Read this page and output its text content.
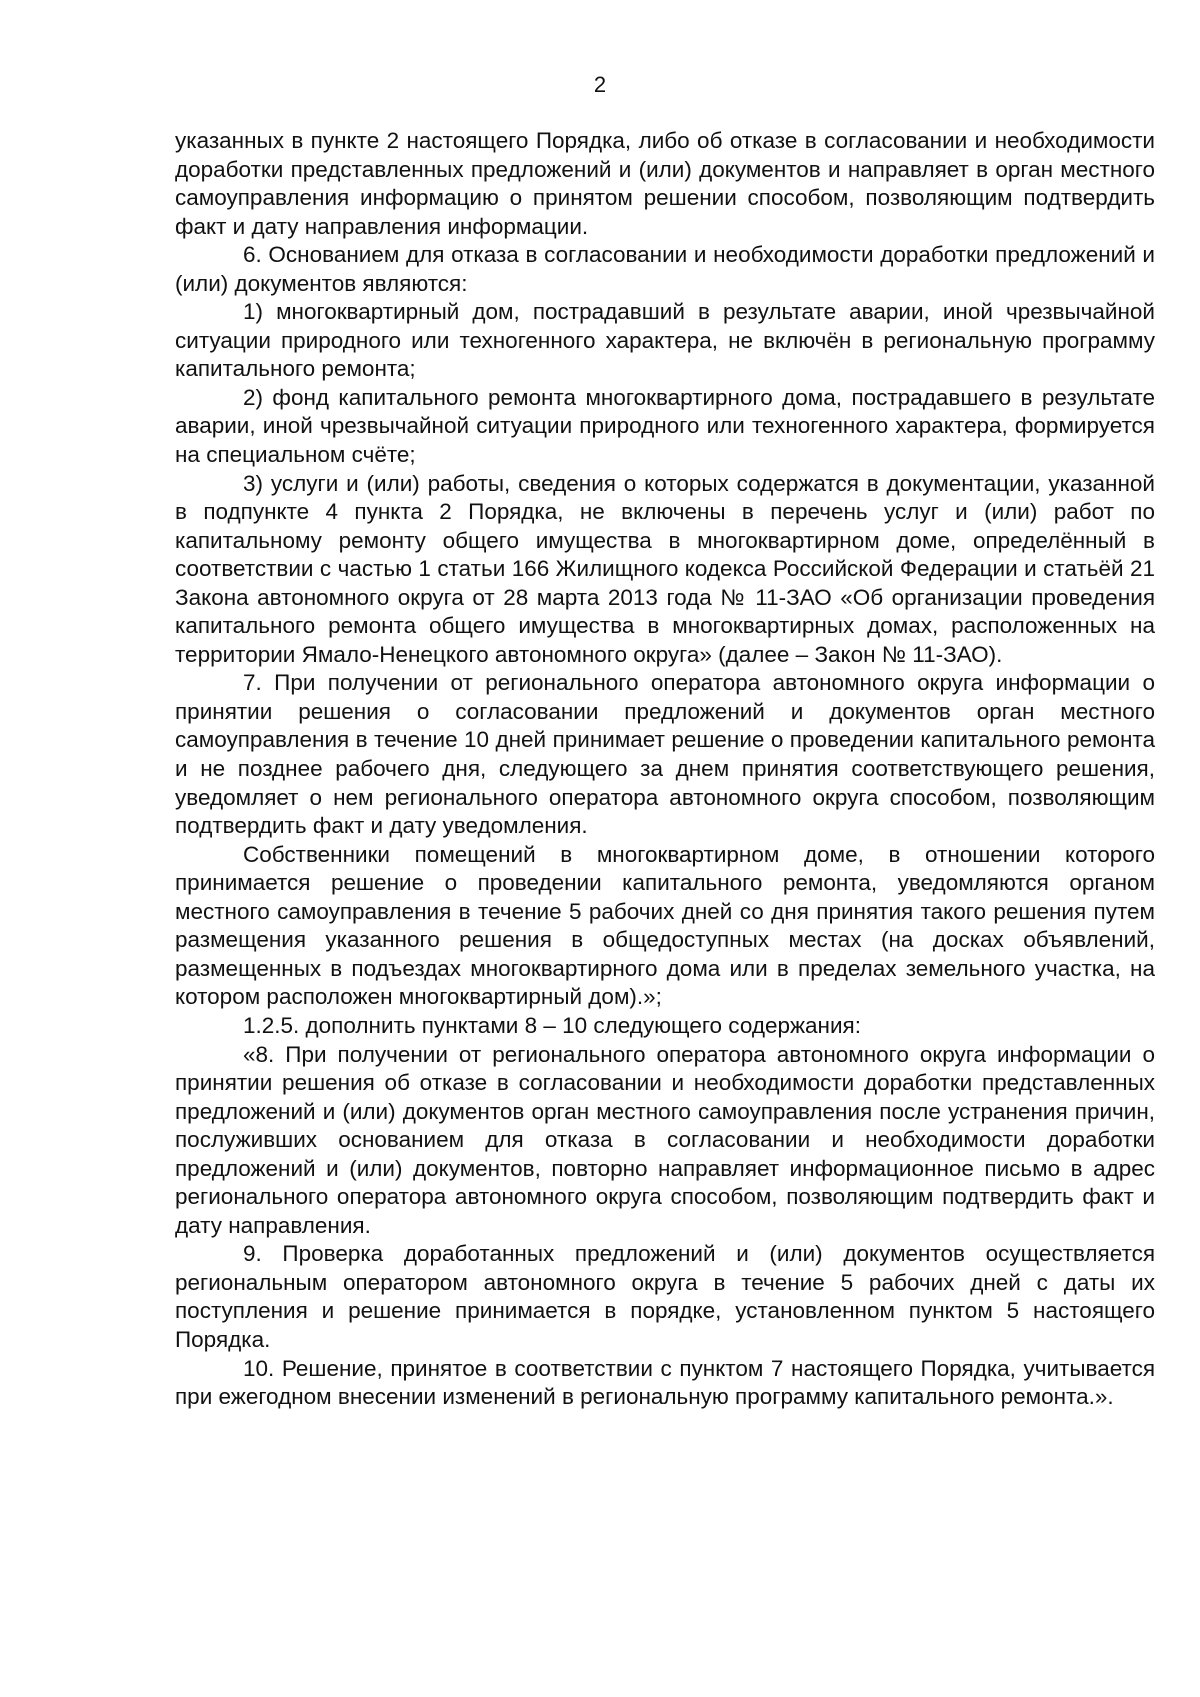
2

указанных в пункте 2 настоящего Порядка, либо об отказе в согласовании и необходимости доработки представленных предложений и (или) документов и направляет в орган местного самоуправления информацию о принятом решении способом, позволяющим подтвердить факт и дату направления информации.

6. Основанием для отказа в согласовании и необходимости доработки предложений и (или) документов являются:

1) многоквартирный дом, пострадавший в результате аварии, иной чрезвычайной ситуации природного или техногенного характера, не включён в региональную программу капитального ремонта;

2) фонд капитального ремонта многоквартирного дома, пострадавшего в результате аварии, иной чрезвычайной ситуации природного или техногенного характера, формируется на специальном счёте;

3) услуги и (или) работы, сведения о которых содержатся в документации, указанной в подпункте 4 пункта 2 Порядка, не включены в перечень услуг и (или) работ по капитальному ремонту общего имущества в многоквартирном доме, определённый в соответствии с частью 1 статьи 166 Жилищного кодекса Российской Федерации и статьёй 21 Закона автономного округа от 28 марта 2013 года № 11-ЗАО «Об организации проведения капитального ремонта общего имущества в многоквартирных домах, расположенных на территории Ямало-Ненецкого автономного округа» (далее – Закон № 11-ЗАО).

7. При получении от регионального оператора автономного округа информации о принятии решения о согласовании предложений и документов орган местного самоуправления в течение 10 дней принимает решение о проведении капитального ремонта и не позднее рабочего дня, следующего за днем принятия соответствующего решения, уведомляет о нем регионального оператора автономного округа способом, позволяющим подтвердить факт и дату уведомления.

Собственники помещений в многоквартирном доме, в отношении которого принимается решение о проведении капитального ремонта, уведомляются органом местного самоуправления в течение 5 рабочих дней со дня принятия такого решения путем размещения указанного решения в общедоступных местах (на досках объявлений, размещенных в подъездах многоквартирного дома или в пределах земельного участка, на котором расположен многоквартирный дом).»;

1.2.5. дополнить пунктами 8 – 10 следующего содержания:

«8. При получении от регионального оператора автономного округа информации о принятии решения об отказе в согласовании и необходимости доработки представленных предложений и (или) документов орган местного самоуправления после устранения причин, послуживших основанием для отказа в согласовании и необходимости доработки предложений и (или) документов, повторно направляет информационное письмо в адрес регионального оператора автономного округа способом, позволяющим подтвердить факт и дату направления.

9. Проверка доработанных предложений и (или) документов осуществляется региональным оператором автономного округа в течение 5 рабочих дней с даты их поступления и решение принимается в порядке, установленном пунктом 5 настоящего Порядка.

10. Решение, принятое в соответствии с пунктом 7 настоящего Порядка, учитывается при ежегодном внесении изменений в региональную программу капитального ремонта.».
